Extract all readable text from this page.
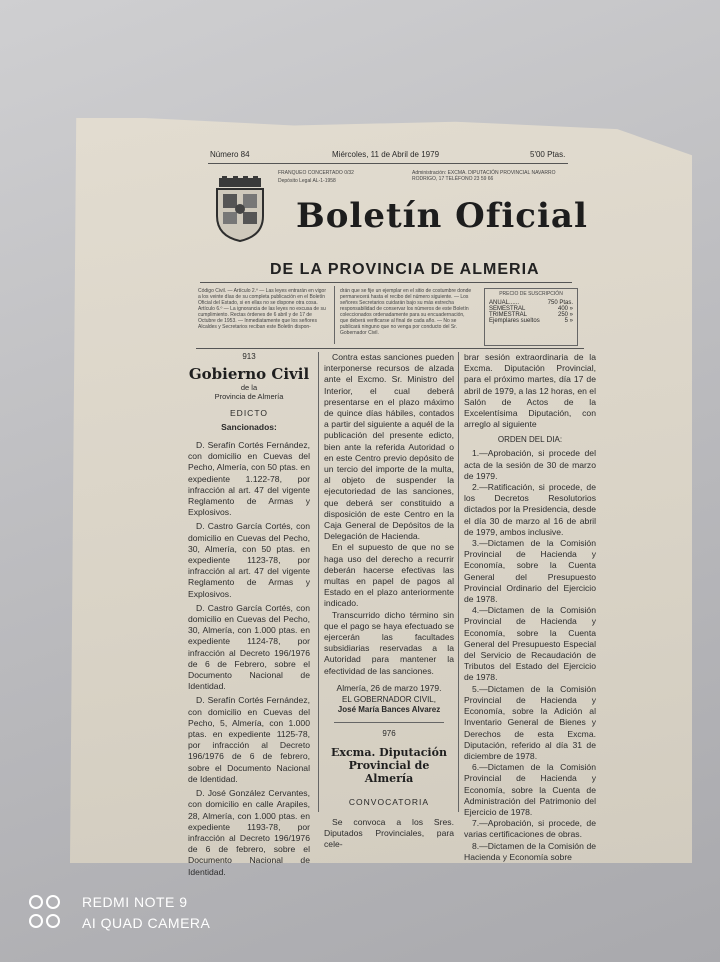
Número 84	Miércoles, 11 de Abril de 1979	5'00 Ptas.
FRANQUEO CONCERTADO 0/32
Depósito Legal AL-1-1958
Administración: EXCMA. DIPUTACIÓN PROVINCIAL NAVARRO RODRIGO, 17 TELÉFONO 23 59 66
Boletín Oficial
DE LA PROVINCIA DE ALMERIA
Código Civil. — Artículo 2.º — Las leyes entrarán en vigor a los veinte días de su completa publicación en el Boletín Oficial del Estado, si en ellas no se dispone otra cosa. Artículo 6.º — La ignorancia de las leyes no excusa de su cumplimiento. Rectas órdenes de 6 abril y de 17 de Octubre de 1953. — Inmediatamente que los señores Alcaldes y Secretarios reciban este Boletín dispon-
drán que se fije un ejemplar en el sitio de costumbre donde permanecerá hasta el recibo del número siguiente. — Los señores Secretarios cuidarán bajo su más estrecha responsabilidad de conservar los números de este Boletín coleccionados ordenadamente para su encuadernación, que deberá verificarse al final de cada año. — No se publicará ninguno que no venga por conducto del Sr. Gobernador Civil.
PRECIO DE SUSCRIPCIÓN
ANUAL......	750 Ptas.
SEMESTRAL	400 »
TRIMESTRAL	250 »
Ejemplares sueltos	5 »
913
Gobierno Civil
de la
Provincia de Almería
EDICTO
Sancionados:

D. Serafín Cortés Fernández, con domicilio en Cuevas del Pecho, Almería, con 50 ptas. en expediente 1.122-78, por infracción al art. 47 del vigente Reglamento de Armas y Explosivos.

D. Castro García Cortés, con domicilio en Cuevas del Pecho, 30, Almería, con 50 ptas. en expediente 1123-78, por infracción al art. 47 del vigente Reglamento de Armas y Explosivos.

D. Castro García Cortés, con domicilio en Cuevas del Pecho, 30, Almería, con 1.000 ptas. en expediente 1124-78, por infracción al Decreto 196/1976 de 6 de Febrero, sobre el Documento Nacional de Identidad.

D. Serafín Cortés Fernández, con domicilio en Cuevas del Pecho, 5, Almería, con 1.000 ptas. en expediente 1125-78, por infracción al Decreto 196/1976 de 6 de febrero, sobre el Documento Nacional de Identidad.

D. José González Cervantes, con domicilio en calle Arapiles, 28, Almería, con 1.000 ptas. en expediente 1193-78, por infracción al Decreto 196/1976 de 6 de febrero, sobre el Documento Nacional de Identidad.

Contra estas sanciones pueden interponerse recursos de alzada ante el Excmo. Sr. Ministro del Interior, el cual deberá presentarse en el plazo máximo de quince días hábiles, contados a partir del siguiente a aquél de la publicación del presente edicto, bien ante la referida Autoridad o en este Centro previo depósito de un tercio del importe de la multa, al objeto de suspender la ejecutoriedad de las sanciones, que deberá ser constituido a disposición de este Centro en la Caja General de Depósitos de la Delegación de Hacienda.

En el supuesto de que no se haga uso del derecho a recurrir deberán hacerse efectivas las multas en papel de pagos al Estado en el plazo anteriormente indicado.

Transcurrido dicho término sin que el pago se haya efectuado se ejercerán las facultades subsidiarias reservadas a la Autoridad para mantener la efectividad de las sanciones.

Almería, 26 de marzo 1979.
EL GOBERNADOR CIVIL,
José María Bances Alvarez
976
Excma. Diputación
Provincial de Almería
CONVOCATORIA
Se convoca a los Sres. Diputados Provinciales, para cele-
brar sesión extraordinaria de la Excma. Diputación Provincial, para el próximo martes, día 17 de abril de 1979, a las 12 horas, en el Salón de Actos de la Excelentísima Diputación, con arreglo al siguiente
ORDEN DEL DIA:

1.—Aprobación, si procede del acta de la sesión de 30 de marzo de 1979.

2.—Ratificación, si procede, de los Decretos Resolutorios dictados por la Presidencia, desde el día 30 de marzo al 16 de abril de 1979, ambos inclusive.

3.—Dictamen de la Comisión Provincial de Hacienda y Economía, sobre la Cuenta General del Presupuesto Provincial Ordinario del Ejercicio de 1978.

4.—Dictamen de la Comisión Provincial de Hacienda y Economía, sobre la Cuenta General del Presupuesto Especial del Servicio de Recaudación de Tributos del Estado del Ejercicio de 1978.

5.—Dictamen de la Comisión Provincial de Hacienda y Economía, sobre la Adición al Inventario General de Bienes y Derechos de esta Excma. Diputación, referido al día 31 de diciembre de 1978.

6.—Dictamen de la Comisión Provincial de Hacienda y Economía, sobre la Cuenta de Administración del Patrimonio del Ejercicio de 1978.

7.—Aprobación, si procede, de varias certificaciones de obras.

8.—Dictamen de la Comisión de Hacienda y Economía sobre

REDMI NOTE 9
AI QUAD CAMERA
